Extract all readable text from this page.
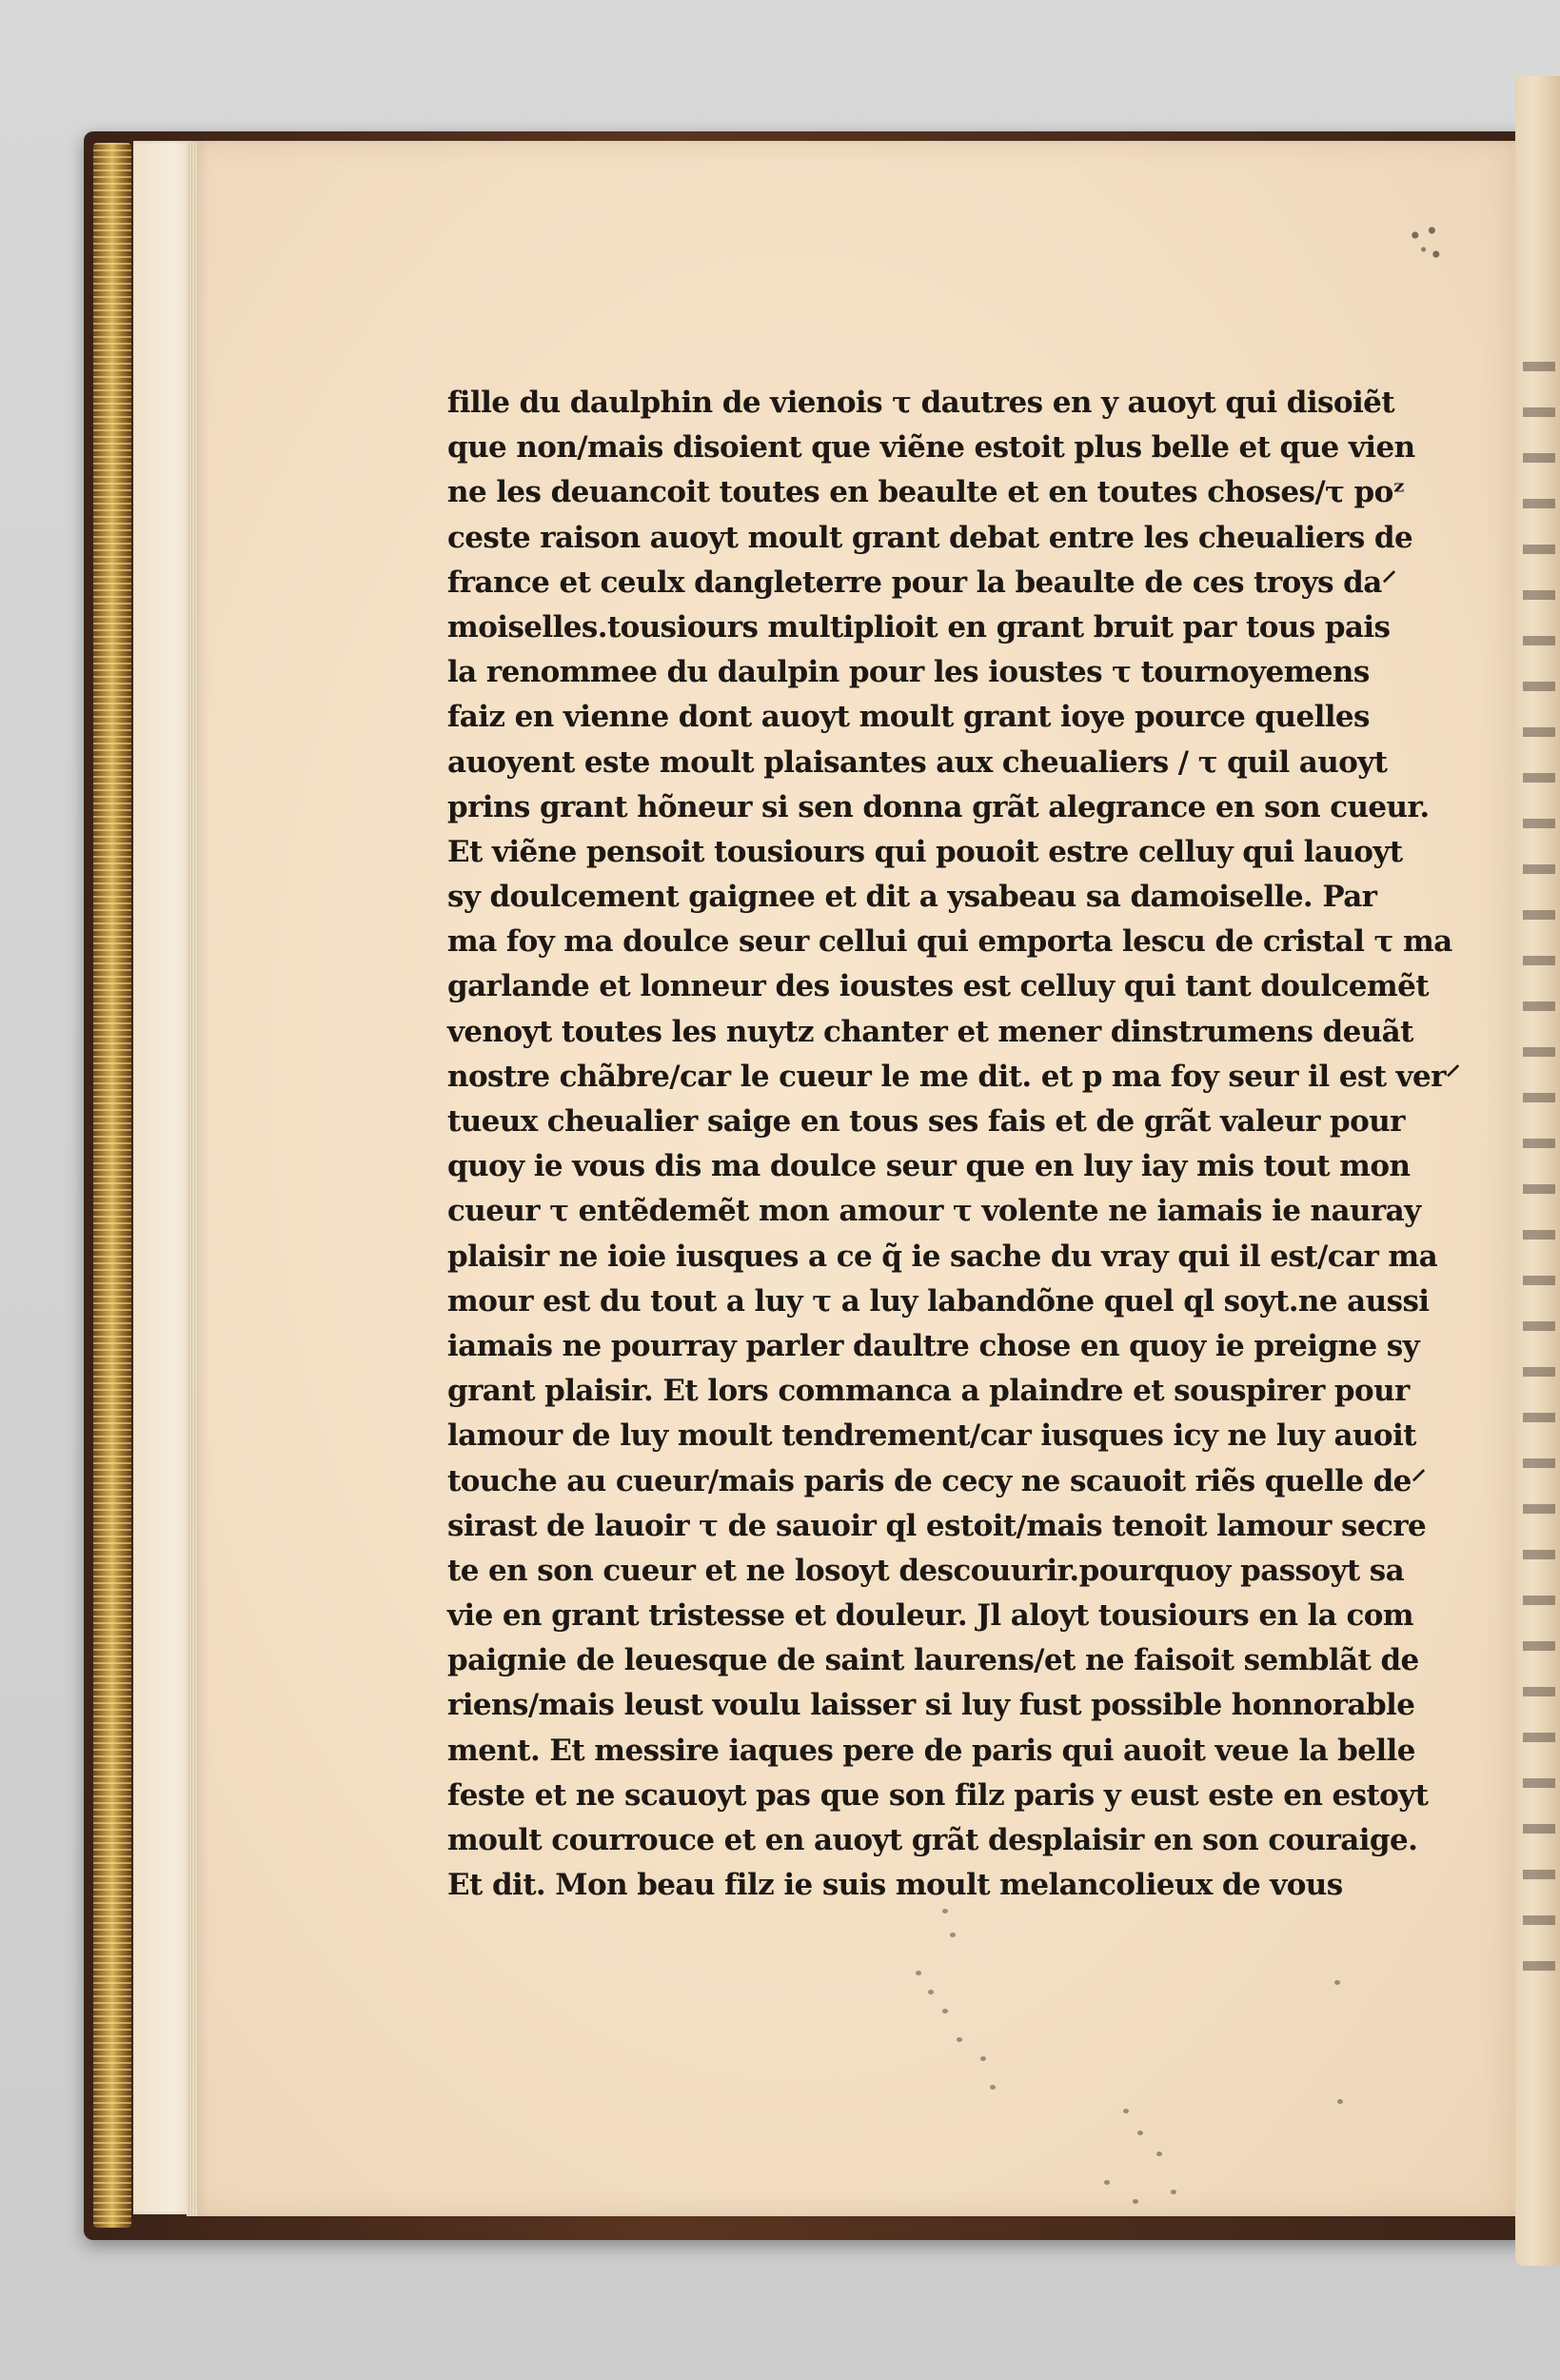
fille du daulphin de vienois τ dautres en y auoyt qui disoiẽt
que non/mais disoient que viẽne estoit plus belle et que vien
ne les deuancoit toutes en beaulte et en toutes choses/τ poᶻ
ceste raison auoyt moult grant debat entre les cheualiers de
france et ceulx dangleterre pour la beaulte de ces troys da⸍
moiselles.tousiours multiplioit en grant bruit par tous pais
la renommee du daulpin pour les ioustes τ tournoyemens
faiz en vienne dont auoyt moult grant ioye pource quelles
auoyent este moult plaisantes aux cheualiers / τ quil auoyt
prins grant hõneur si sen donna grãt alegrance en son cueur.
Et viẽne pensoit tousiours qui pouoit estre celluy qui lauoyt
sy doulcement gaignee et dit a ysabeau sa damoiselle. Par
ma foy ma doulce seur cellui qui emporta lescu de cristal τ ma
garlande et lonneur des ioustes est celluy qui tant doulcemẽt
venoyt toutes les nuytz chanter et mener dinstrumens deuãt
nostre chãbre/car le cueur le me dit. et p ma foy seur il est ver⸍
tueux cheualier saige en tous ses fais et de grãt valeur pour
quoy ie vous dis ma doulce seur que en luy iay mis tout mon
cueur τ entẽdemẽt mon amour τ volente ne iamais ie nauray
plaisir ne ioie iusques a ce q̃ ie sache du vray qui il est/car ma
mour est du tout a luy τ a luy labandõne quel ql soyt.ne aussi
iamais ne pourray parler daultre chose en quoy ie preigne sy
grant plaisir. Et lors commanca a plaindre et souspirer pour
lamour de luy moult tendrement/car iusques icy ne luy auoit
touche au cueur/mais paris de cecy ne scauoit riẽs quelle de⸍
sirast de lauoir τ de sauoir ql estoit/mais tenoit lamour secre
te en son cueur et ne losoyt descouurir.pourquoy passoyt sa
vie en grant tristesse et douleur. Jl aloyt tousiours en la com
paignie de leuesque de saint laurens/et ne faisoit semblãt de
riens/mais leust voulu laisser si luy fust possible honnorable
ment. Et messire iaques pere de paris qui auoit veue la belle
feste et ne scauoyt pas que son filz paris y eust este en estoyt
moult courrouce et en auoyt grãt desplaisir en son couraige.
Et dit. Mon beau filz ie suis moult melancolieux de vous
